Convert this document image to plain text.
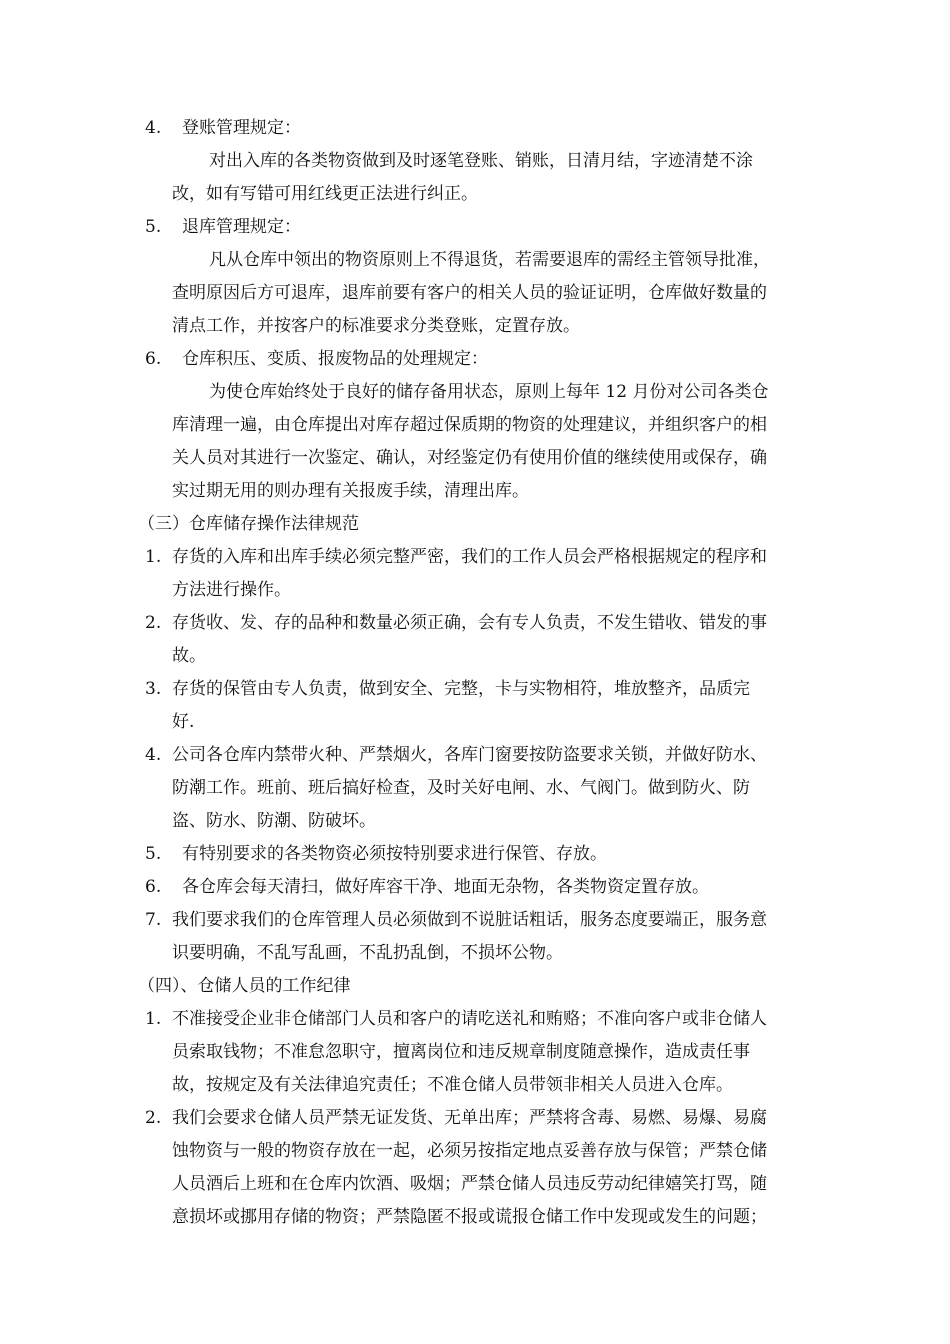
4. 登账管理规定：
对出入库的各类物资做到及时逐笔登账、销账，日清月结，字迹清楚不涂
改，如有写错可用红线更正法进行纠正。
5. 退库管理规定：
凡从仓库中领出的物资原则上不得退货，若需要退库的需经主管领导批准，
查明原因后方可退库，退库前要有客户的相关人员的验证证明，仓库做好数量的
清点工作，并按客户的标准要求分类登账，定置存放。
6. 仓库积压、变质、报废物品的处理规定：
为使仓库始终处于良好的储存备用状态，原则上每年 12 月份对公司各类仓
库清理一遍，由仓库提出对库存超过保质期的物资的处理建议，并组织客户的相
关人员对其进行一次鉴定、确认，对经鉴定仍有使用价值的继续使用或保存，确
实过期无用的则办理有关报废手续，清理出库。
（三）仓库储存操作法律规范
1. 存货的入库和出库手续必须完整严密，我们的工作人员会严格根据规定的程序和
方法进行操作。
2. 存货收、发、存的品种和数量必须正确，会有专人负责，不发生错收、错发的事
故。
3. 存货的保管由专人负责，做到安全、完整，卡与实物相符，堆放整齐，品质完
好.
4. 公司各仓库内禁带火种、严禁烟火，各库门窗要按防盗要求关锁，并做好防水、
防潮工作。班前、班后搞好检查，及时关好电闸、水、气阀门。做到防火、防
盗、防水、防潮、防破坏。
5. 有特别要求的各类物资必须按特别要求进行保管、存放。
6. 各仓库会每天清扫，做好库容干净、地面无杂物，各类物资定置存放。
7. 我们要求我们的仓库管理人员必须做到不说脏话粗话，服务态度要端正，服务意
识要明确，不乱写乱画，不乱扔乱倒，不损坏公物。
（四）、仓储人员的工作纪律
1. 不准接受企业非仓储部门人员和客户的请吃送礼和贿赂；不准向客户或非仓储人
员索取钱物；不准怠忽职守，擅离岗位和违反规章制度随意操作，造成责任事
故，按规定及有关法律追究责任；不准仓储人员带领非相关人员进入仓库。
2. 我们会要求仓储人员严禁无证发货、无单出库；严禁将含毒、易燃、易爆、易腐
蚀物资与一般的物资存放在一起，必须另按指定地点妥善存放与保管；严禁仓储
人员酒后上班和在仓库内饮酒、吸烟；严禁仓储人员违反劳动纪律嬉笑打骂，随
意损坏或挪用存储的物资；严禁隐匿不报或谎报仓储工作中发现或发生的问题；
